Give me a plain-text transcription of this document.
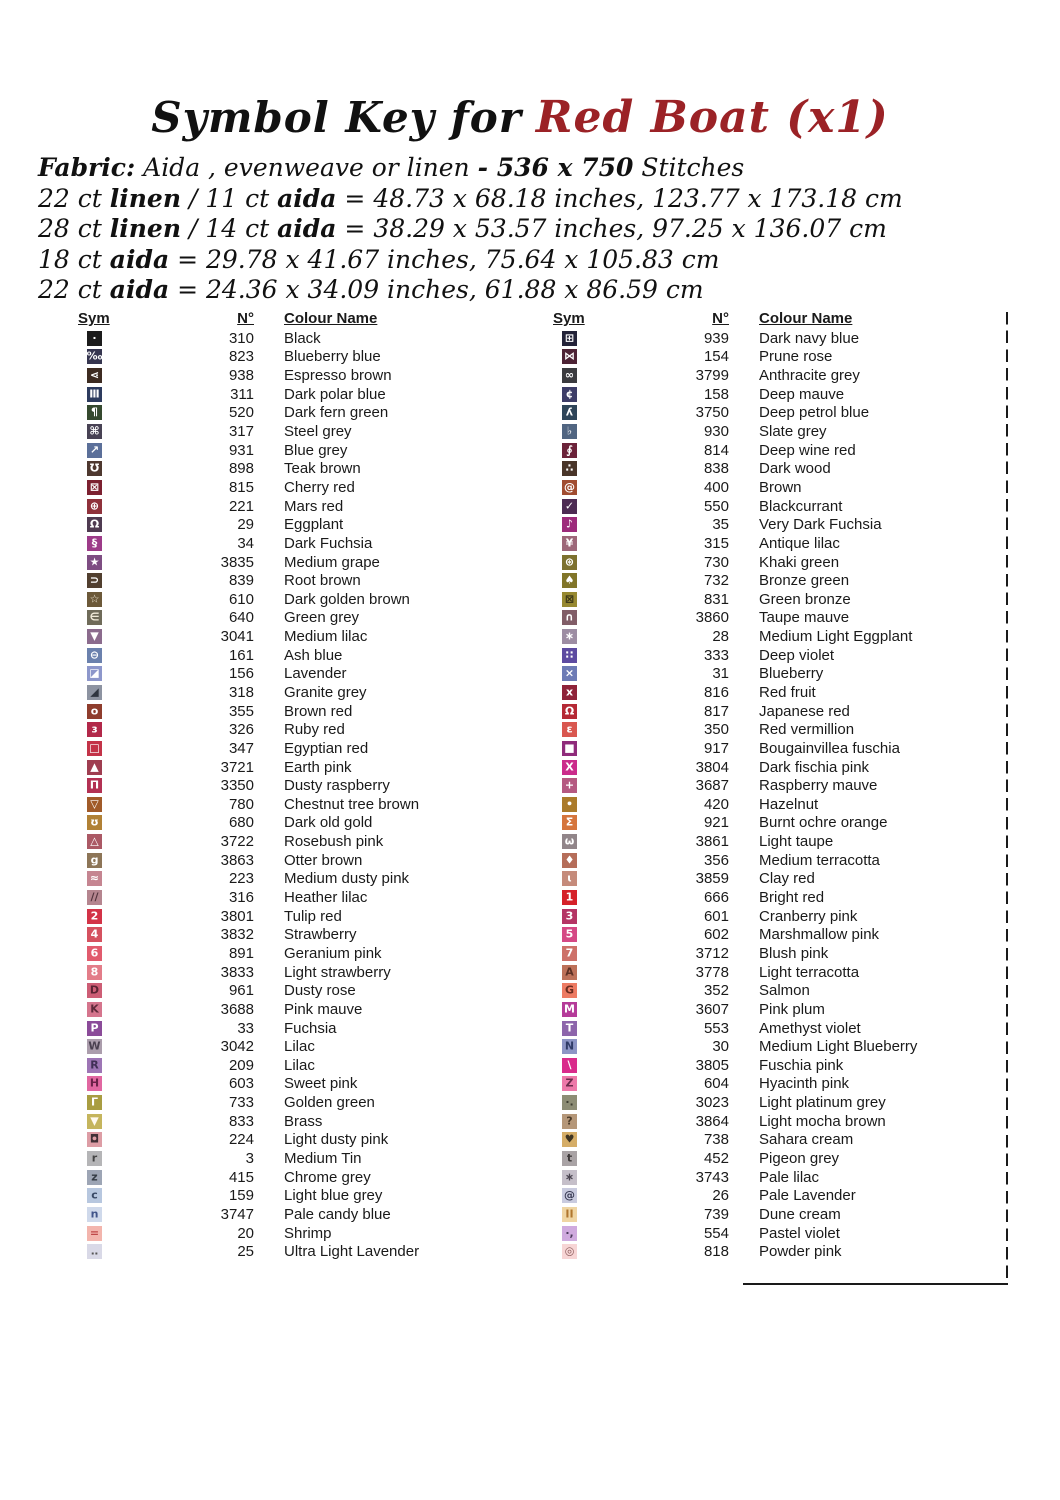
Symbol Key for Red Boat (x1)
Fabric: Aida , evenweave or linen - 536 x 750 Stitches
22 ct linen / 11 ct aida = 48.73 x 68.18 inches, 123.77 x 173.18 cm
28 ct linen / 14 ct aida = 38.29 x 53.57 inches, 97.25 x 136.07 cm
18 ct aida = 29.78 x 41.67 inches, 75.64 x 105.83 cm
22 ct aida = 24.36 x 34.09 inches, 61.88 x 86.59 cm
Sym	N° Colour Name
·	310 Black
‰	823 Blueberry blue
⋖	938 Espresso brown
Ⅲ	311 Dark polar blue
¶	520 Dark fern green
⌘	317 Steel grey
↗	931 Blue grey
℧	898 Teak brown
⊠	815 Cherry red
⊕	221 Mars red
Ω	29 Eggplant
§	34 Dark Fuchsia
★	3835 Medium grape
⊃	839 Root brown
☆	610 Dark golden brown
∈	640 Green grey
▼	3041 Medium lilac
⊖	161 Ash blue
◪	156 Lavender
◢	318 Granite grey
o	355 Brown red
ɜ	326 Ruby red
□	347 Egyptian red
▲	3721 Earth pink
Π	3350 Dusty raspberry
▽	780 Chestnut tree brown
ʊ	680 Dark old gold
△	3722 Rosebush pink
g	3863 Otter brown
≈	223 Medium dusty pink
//	316 Heather lilac
2	3801 Tulip red
4	3832 Strawberry
6	891 Geranium pink
8	3833 Light strawberry
D	961 Dusty rose
K	3688 Pink mauve
P	33 Fuchsia
W	3042 Lilac
R	209 Lilac
H	603 Sweet pink
Γ	733 Golden green
▼	833 Brass
◘	224 Light dusty pink
r	3 Medium Tin
z	415 Chrome grey
c	159 Light blue grey
n	3747 Pale candy blue
=	20 Shrimp
‥	25 Ultra Light Lavender
Sym	N° Colour Name
⊞	939 Dark navy blue
⋈	154 Prune rose
∞	3799 Anthracite grey
¢	158 Deep mauve
ʎ	3750 Deep petrol blue
♭	930 Slate grey
∮	814 Deep wine red
∴	838 Dark wood
@	400 Brown
✓	550 Blackcurrant
♪	35 Very Dark Fuchsia
¥	315 Antique lilac
⊛	730 Khaki green
♠	732 Bronze green
⊠	831 Green bronze
∩	3860 Taupe mauve
∗	28 Medium Light Eggplant
∷	333 Deep violet
×	31 Blueberry
x	816 Red fruit
Ω	817 Japanese red
ε	350 Red vermillion
■	917 Bougainvillea fuschia
X	3804 Dark fischia pink
+	3687 Raspberry mauve
•	420 Hazelnut
Σ	921 Burnt ochre orange
ω	3861 Light taupe
♦	356 Medium terracotta
ɩ	3859 Clay red
1	666 Bright red
3	601 Cranberry pink
5	602 Marshmallow pink
7	3712 Blush pink
A	3778 Light terracotta
G	352 Salmon
M	3607 Pink plum
T	553 Amethyst violet
N	30 Medium Light Blueberry
\	3805 Fuschia pink
Z	604 Hyacinth pink
·.	3023 Light platinum grey
?	3864 Light mocha brown
♥	738 Sahara cream
t	452 Pigeon grey
∗	3743 Pale lilac
@	26 Pale Lavender
II	739 Dune cream
·,	554 Pastel violet
◎	818 Powder pink
